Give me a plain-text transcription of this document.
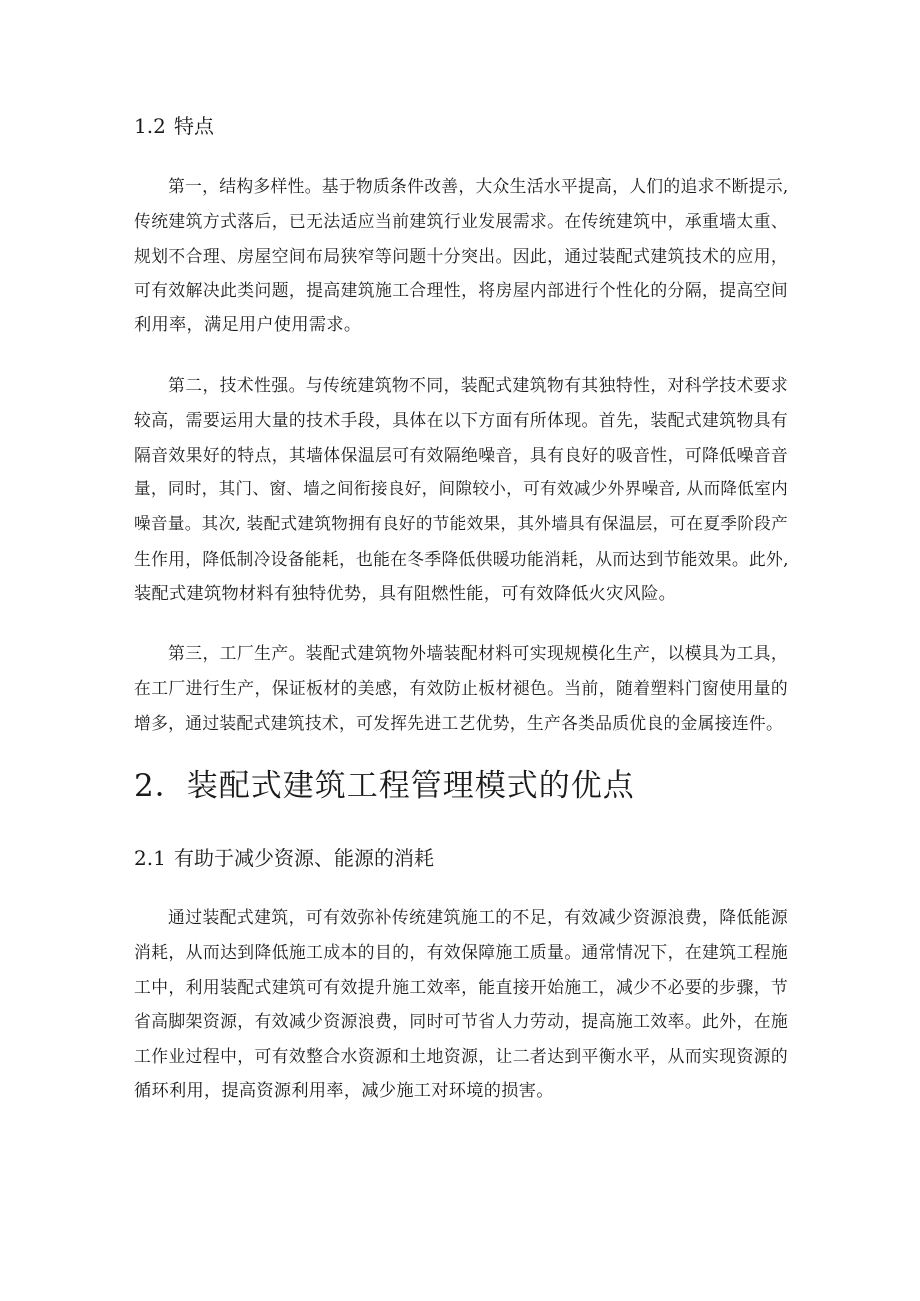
1.2 特点
第一，结构多样性。基于物质条件改善，大众生活水平提高，人们的追求不断提示,
传统建筑方式落后，已无法适应当前建筑行业发展需求。在传统建筑中，承重墙太重、
规划不合理、房屋空间布局狭窄等问题十分突出。因此，通过装配式建筑技术的应用，
可有效解决此类问题，提高建筑施工合理性，将房屋内部进行个性化的分隔，提高空间
利用率，满足用户使用需求。
第二，技术性强。与传统建筑物不同，装配式建筑物有其独特性，对科学技术要求
较高，需要运用大量的技术手段，具体在以下方面有所体现。首先，装配式建筑物具有
隔音效果好的特点，其墙体保温层可有效隔绝噪音，具有良好的吸音性，可降低噪音音
量，同时，其门、窗、墙之间衔接良好，间隙较小，可有效减少外界噪音, 从而降低室内
噪音量。其次, 装配式建筑物拥有良好的节能效果，其外墙具有保温层，可在夏季阶段产
生作用，降低制冷设备能耗，也能在冬季降低供暖功能消耗，从而达到节能效果。此外,
装配式建筑物材料有独特优势，具有阻燃性能，可有效降低火灾风险。
第三，工厂生产。装配式建筑物外墙装配材料可实现规模化生产，以模具为工具，
在工厂进行生产，保证板材的美感，有效防止板材褪色。当前，随着塑料门窗使用量的
增多，通过装配式建筑技术，可发挥先进工艺优势，生产各类品质优良的金属接连件。
2．装配式建筑工程管理模式的优点
2.1 有助于减少资源、能源的消耗
通过装配式建筑，可有效弥补传统建筑施工的不足，有效减少资源浪费，降低能源
消耗，从而达到降低施工成本的目的，有效保障施工质量。通常情况下，在建筑工程施
工中，利用装配式建筑可有效提升施工效率，能直接开始施工，减少不必要的步骤，节
省高脚架资源，有效减少资源浪费，同时可节省人力劳动，提高施工效率。此外，在施
工作业过程中，可有效整合水资源和土地资源，让二者达到平衡水平，从而实现资源的
循环利用，提高资源利用率，减少施工对环境的损害。
